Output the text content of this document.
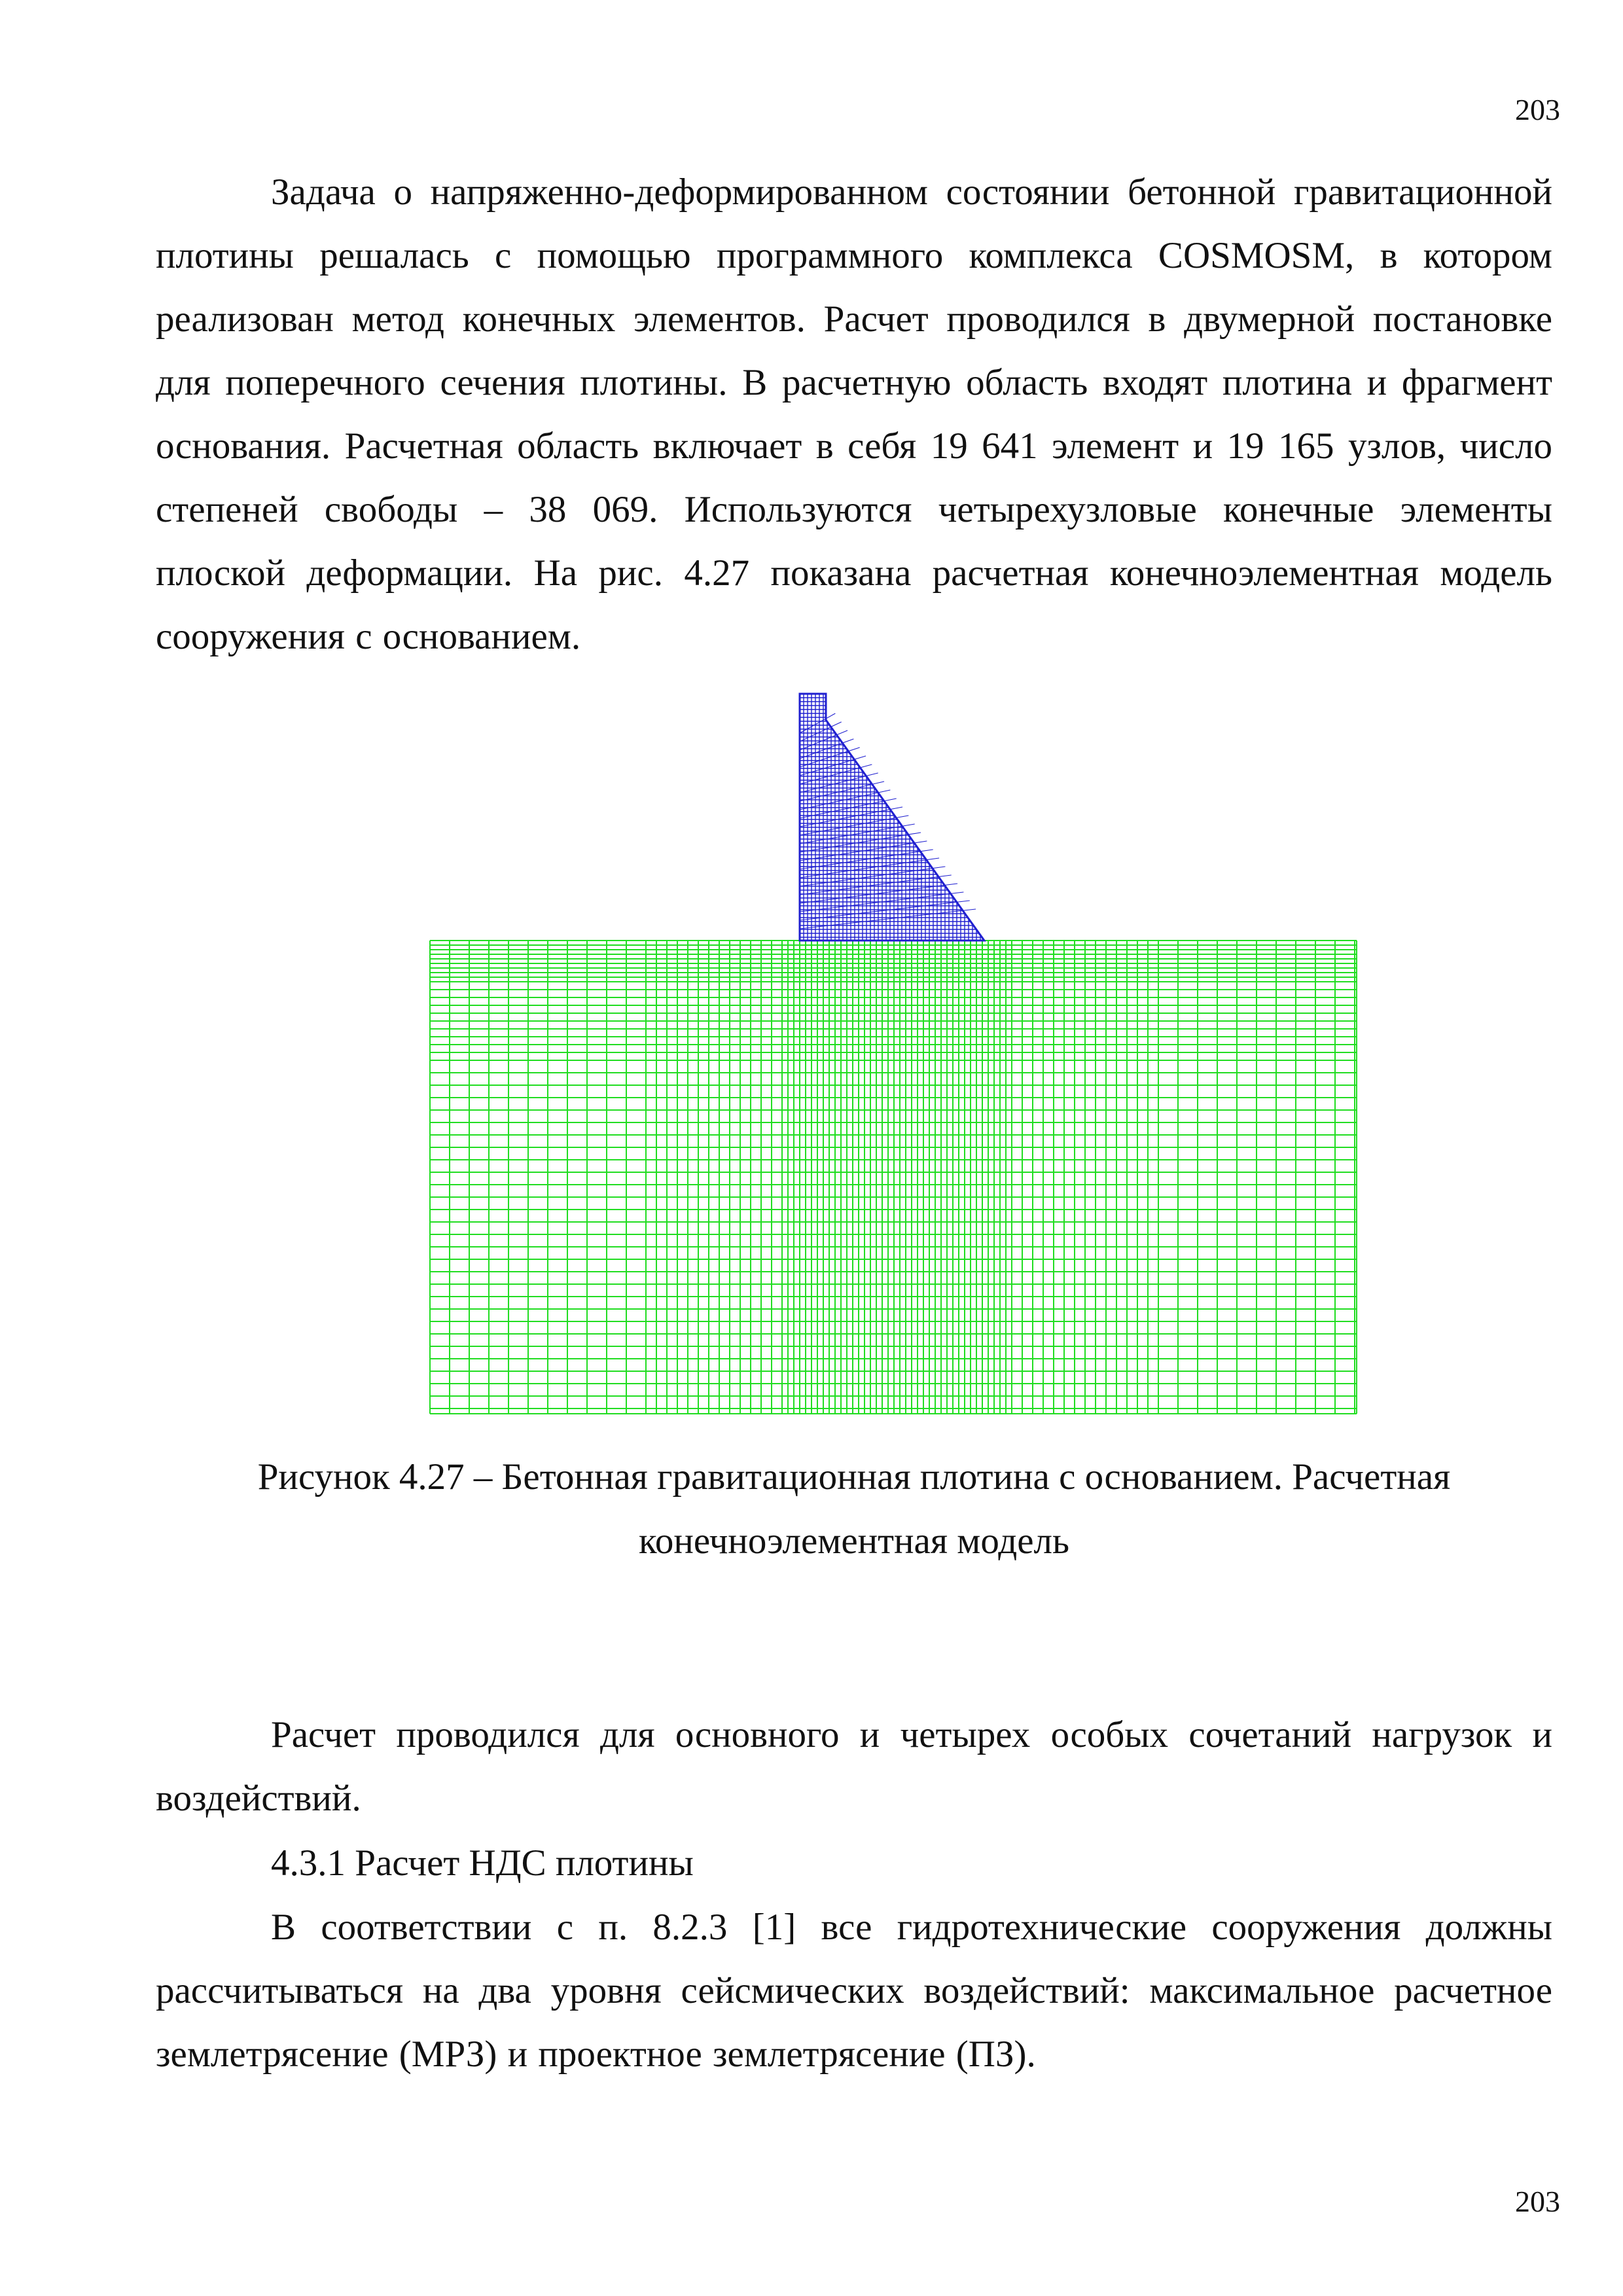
203

Задача о напряженно-деформированном состоянии бетонной гравитационной плотины решалась с помощью программного комплекса COSMOSM, в котором реализован метод конечных элементов. Расчет проводился в двумерной постановке для поперечного сечения плотины. В расчетную область входят плотина и фрагмент основания. Расчетная область включает в себя 19 641 элемент и 19 165 узлов, число степеней свободы – 38 069. Используются четырехузловые конечные элементы плоской деформации. На рис. 4.27 показана расчетная конечноэлементная модель сооружения с основанием.

Рисунок 4.27 – Бетонная гравитационная плотина с основанием. Расчетная

конечноэлементная модель

Расчет проводился для основного и четырех особых сочетаний нагрузок и воздействий.

4.3.1 Расчет НДС плотины

В соответствии с п. 8.2.3 [1] все гидротехнические сооружения должны рассчитываться на два уровня сейсмических воздействий: максимальное расчетное землетрясение (МРЗ) и проектное землетрясение (ПЗ).

203
